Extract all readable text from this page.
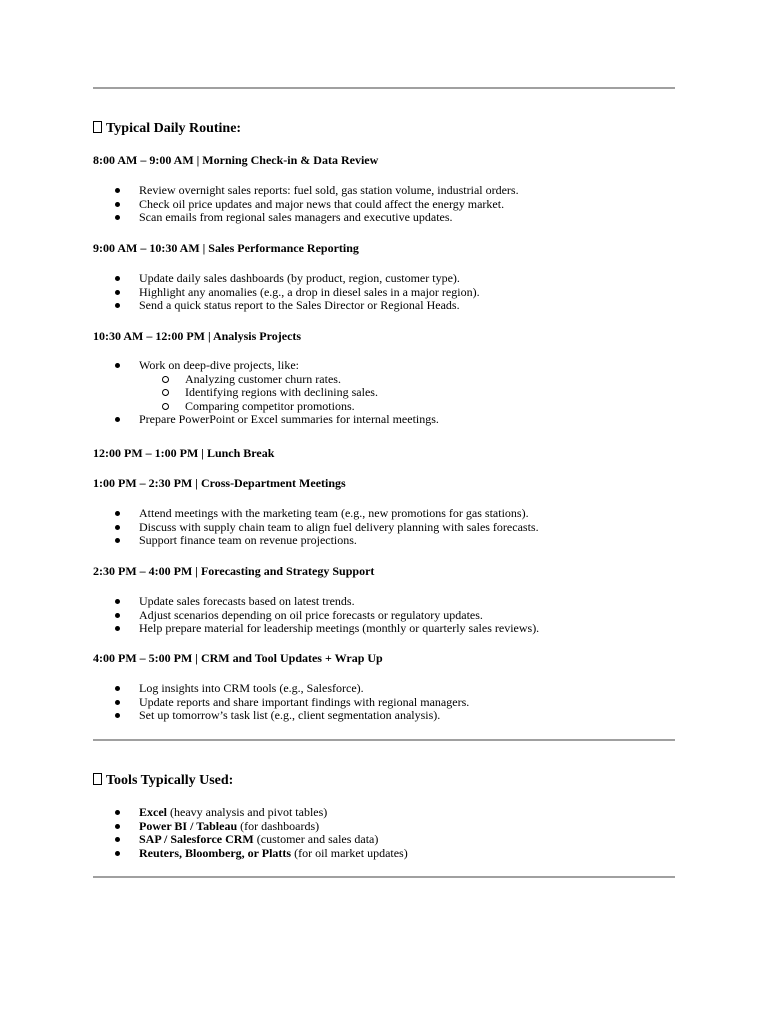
Typical Daily Routine:
8:00 AM – 9:00 AM | Morning Check-in & Data Review
Review overnight sales reports: fuel sold, gas station volume, industrial orders.
Check oil price updates and major news that could affect the energy market.
Scan emails from regional sales managers and executive updates.
9:00 AM – 10:30 AM | Sales Performance Reporting
Update daily sales dashboards (by product, region, customer type).
Highlight any anomalies (e.g., a drop in diesel sales in a major region).
Send a quick status report to the Sales Director or Regional Heads.
10:30 AM – 12:00 PM | Analysis Projects
Work on deep-dive projects, like:
Analyzing customer churn rates.
Identifying regions with declining sales.
Comparing competitor promotions.
Prepare PowerPoint or Excel summaries for internal meetings.
12:00 PM – 1:00 PM | Lunch Break
1:00 PM – 2:30 PM | Cross-Department Meetings
Attend meetings with the marketing team (e.g., new promotions for gas stations).
Discuss with supply chain team to align fuel delivery planning with sales forecasts.
Support finance team on revenue projections.
2:30 PM – 4:00 PM | Forecasting and Strategy Support
Update sales forecasts based on latest trends.
Adjust scenarios depending on oil price forecasts or regulatory updates.
Help prepare material for leadership meetings (monthly or quarterly sales reviews).
4:00 PM – 5:00 PM | CRM and Tool Updates + Wrap Up
Log insights into CRM tools (e.g., Salesforce).
Update reports and share important findings with regional managers.
Set up tomorrow’s task list (e.g., client segmentation analysis).
Tools Typically Used:
Excel (heavy analysis and pivot tables)
Power BI / Tableau (for dashboards)
SAP / Salesforce CRM (customer and sales data)
Reuters, Bloomberg, or Platts (for oil market updates)
